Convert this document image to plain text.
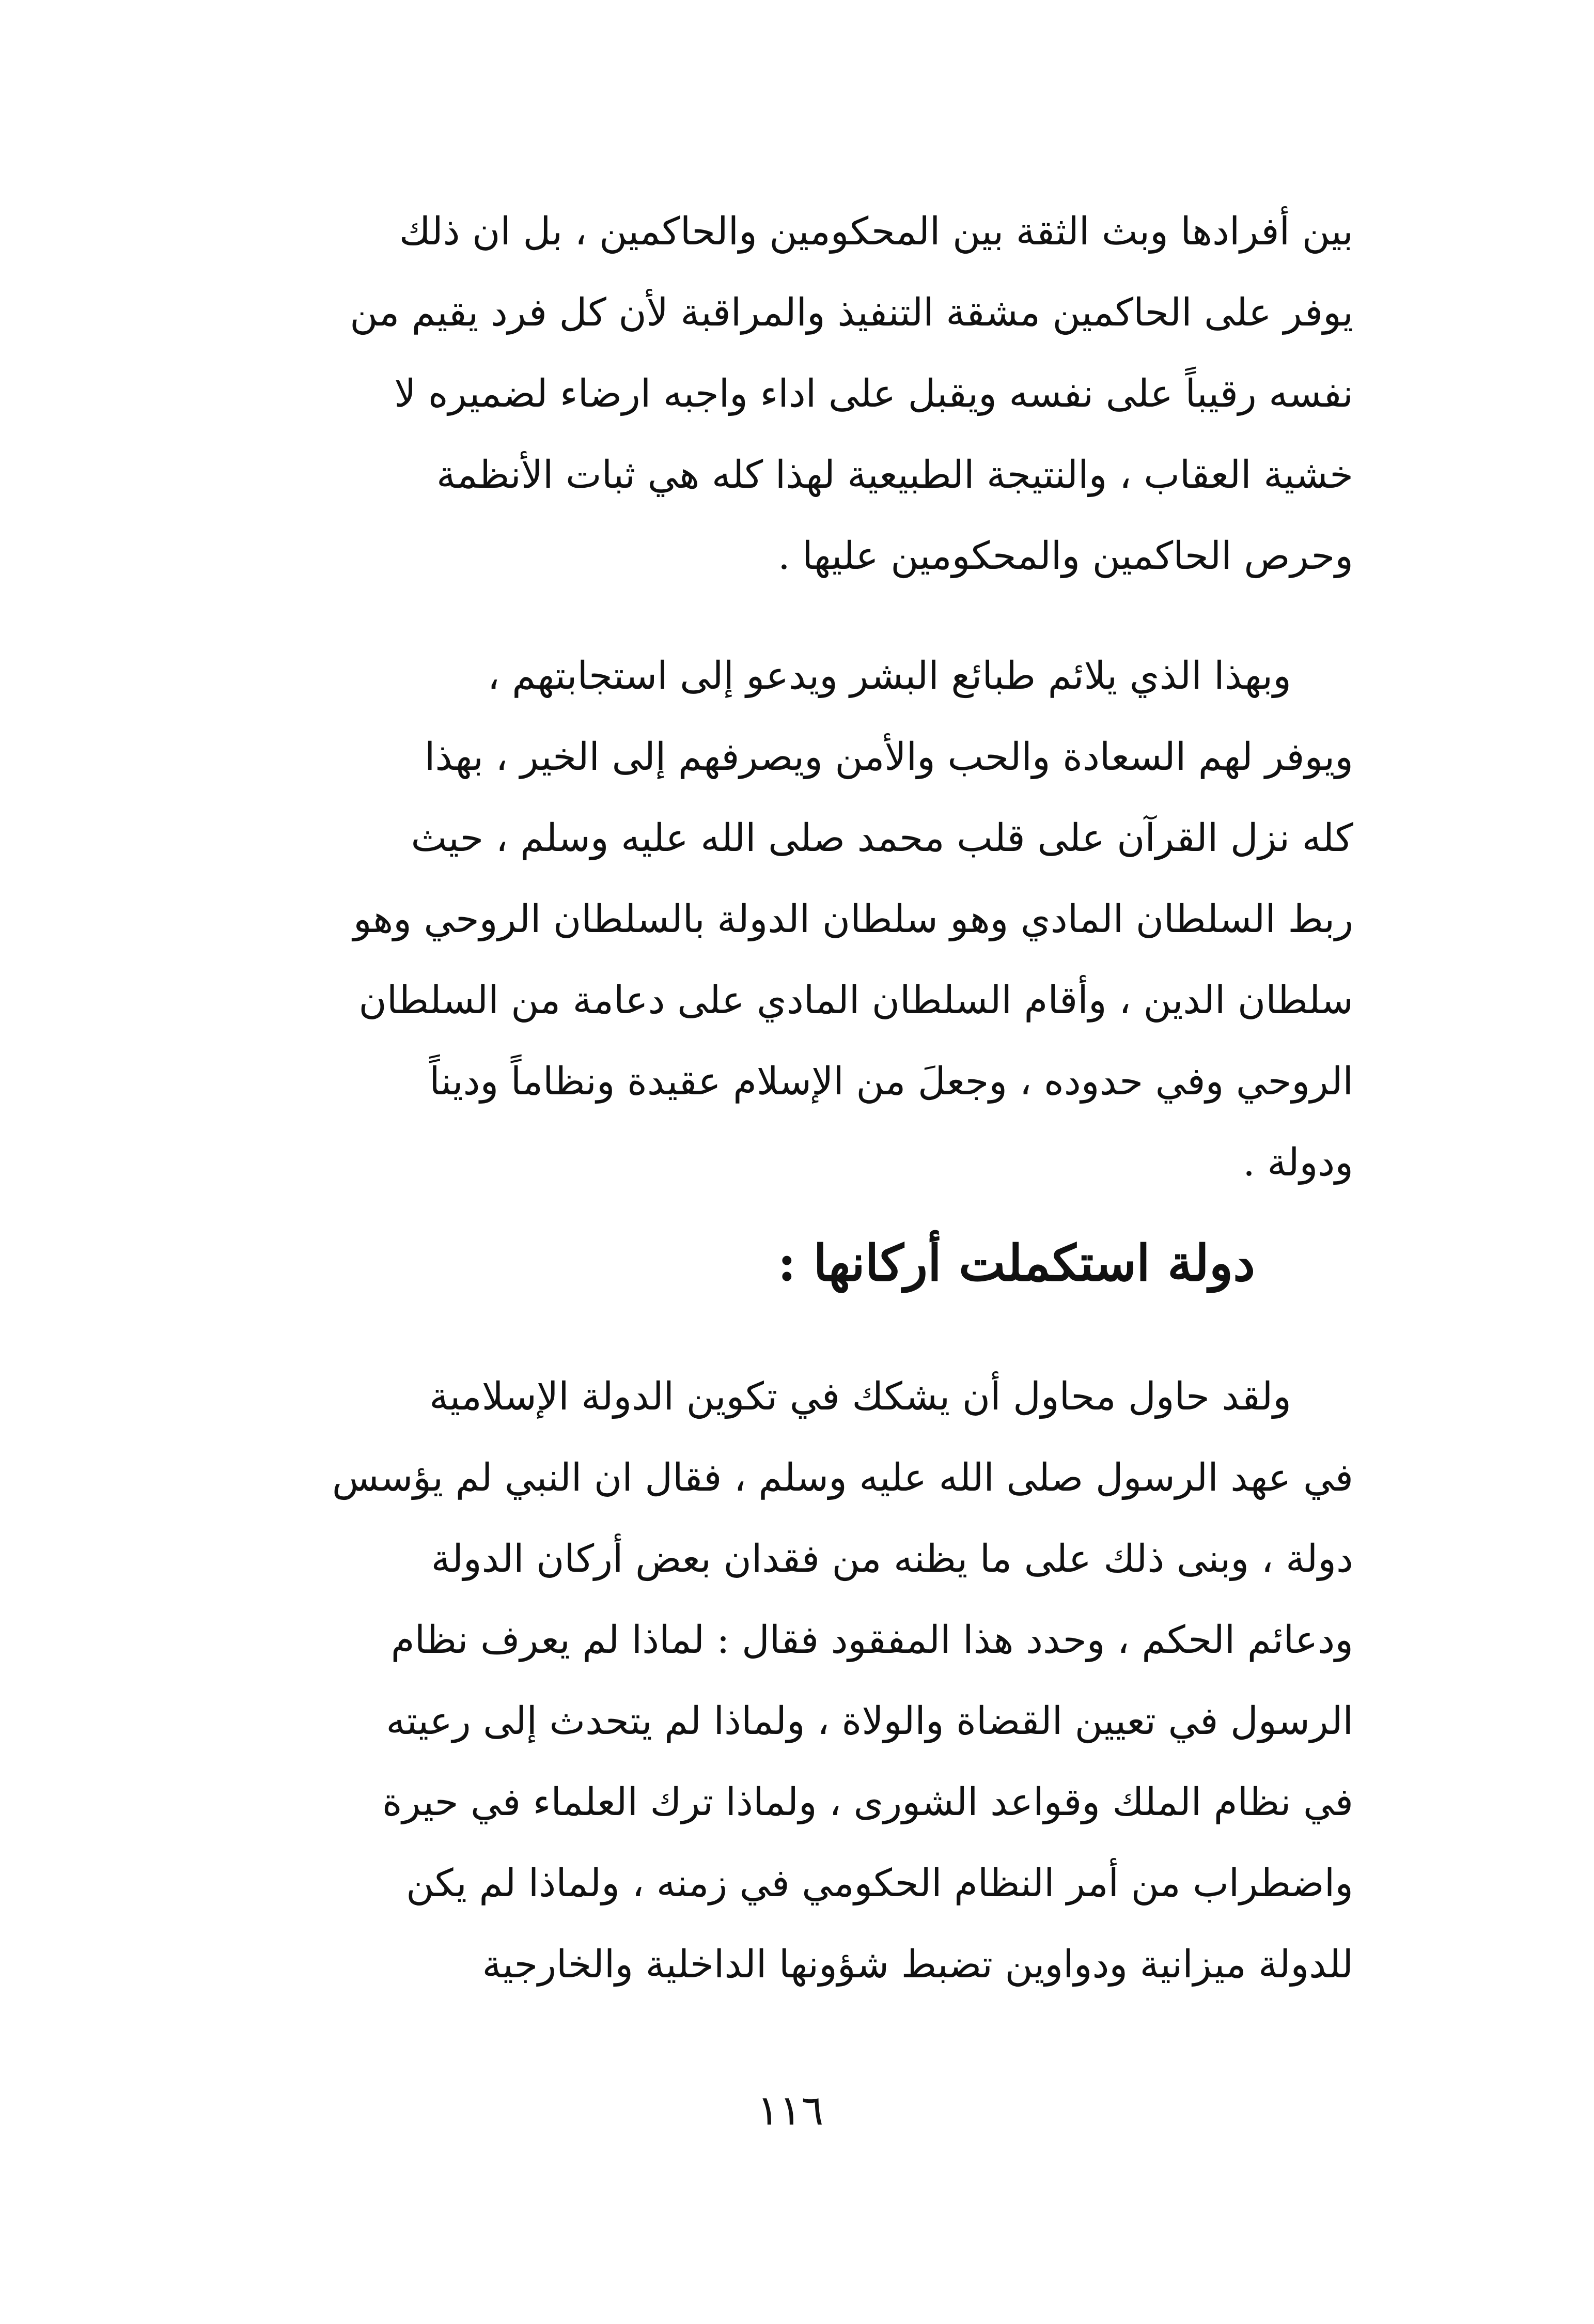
بين أفرادها وبث الثقة بين المحكومين والحاكمين ، بل ان ذلك
يوفر على الحاكمين مشقة التنفيذ والمراقبة لأن كل فرد يقيم من
نفسه رقيباً على نفسه ويقبل على اداء واجبه ارضاء لضميره لا
خشية العقاب ، والنتيجة الطبيعية لهذا كله هي ثبات الأنظمة
وحرص الحاكمين والمحكومين عليها .
وبهذا الذي يلائم طبائع البشر ويدعو إلى استجابتهم ،
ويوفر لهم السعادة والحب والأمن ويصرفهم إلى الخير ، بهذا
كله نزل القرآن على قلب محمد صلى الله عليه وسلم ، حيث
ربط السلطان المادي وهو سلطان الدولة بالسلطان الروحي وهو
سلطان الدين ، وأقام السلطان المادي على دعامة من السلطان
الروحي وفي حدوده ، وجعلَ من الإسلام عقيدة ونظاماً وديناً
ودولة .
دولة استكملت أركانها :
ولقد حاول محاول أن يشكك في تكوين الدولة الإسلامية
في عهد الرسول صلى الله عليه وسلم ، فقال ان النبي لم يؤسس
دولة ، وبنى ذلك على ما يظنه من فقدان بعض أركان الدولة
ودعائم الحكم ، وحدد هذا المفقود فقال : لماذا لم يعرف نظام
الرسول في تعيين القضاة والولاة ، ولماذا لم يتحدث إلى رعيته
في نظام الملك وقواعد الشورى ، ولماذا ترك العلماء في حيرة
واضطراب من أمر النظام الحكومي في زمنه ، ولماذا لم يكن
للدولة ميزانية ودواوين تضبط شؤونها الداخلية والخارجية
١١٦
